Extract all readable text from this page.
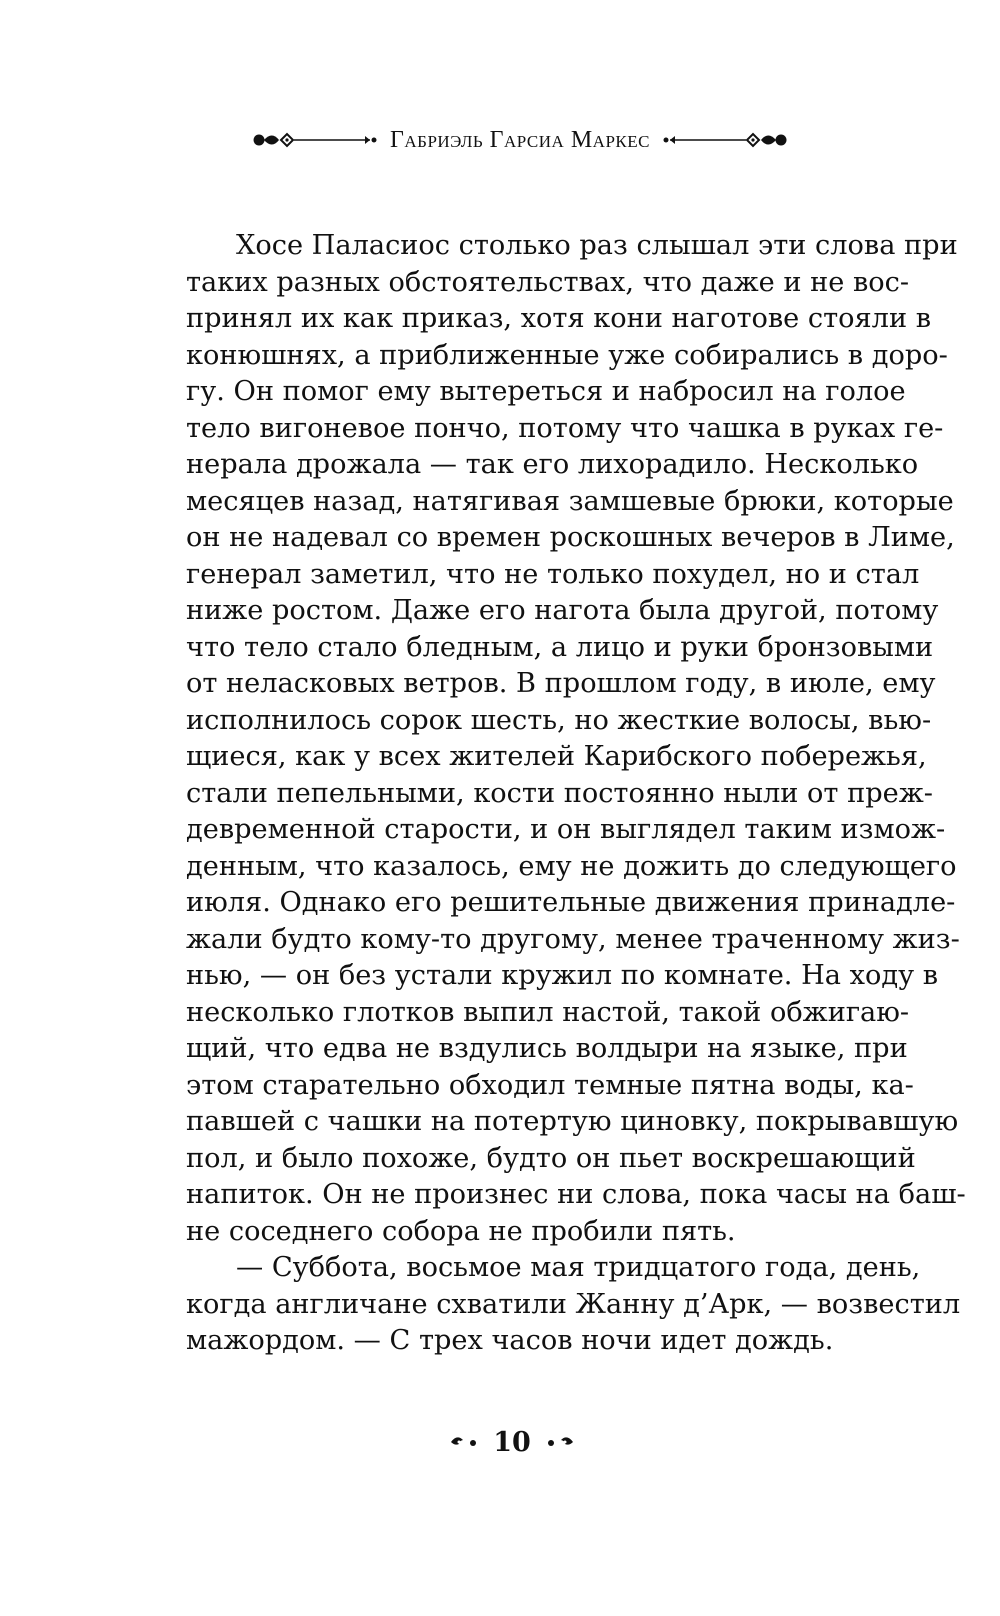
Габриэль Гарсиа Маркес

Хосе Паласиос столько раз слышал эти слова при
таких разных обстоятельствах, что даже и не вос-
принял их как приказ, хотя кони наготове стояли в
конюшнях, а приближенные уже собирались в доро-
гу. Он помог ему вытереться и набросил на голое
тело вигоневое пончо, потому что чашка в руках ге-
нерала дрожала — так его лихорадило. Несколько
месяцев назад, натягивая замшевые брюки, которые
он не надевал со времен роскошных вечеров в Лиме,
генерал заметил, что не только похудел, но и стал
ниже ростом. Даже его нагота была другой, потому
что тело стало бледным, а лицо и руки бронзовыми
от неласковых ветров. В прошлом году, в июле, ему
исполнилось сорок шесть, но жесткие волосы, вью-
щиеся, как у всех жителей Карибского побережья,
стали пепельными, кости постоянно ныли от преж-
девременной старости, и он выглядел таким измож-
денным, что казалось, ему не дожить до следующего
июля. Однако его решительные движения принадле-
жали будто кому-то другому, менее траченному жиз-
нью, — он без устали кружил по комнате. На ходу в
несколько глотков выпил настой, такой обжигаю-
щий, что едва не вздулись волдыри на языке, при
этом старательно обходил темные пятна воды, ка-
павшей с чашки на потертую циновку, покрывавшую
пол, и было похоже, будто он пьет воскрешающий
напиток. Он не произнес ни слова, пока часы на баш-
не соседнего собора не пробили пять.

— Суббота, восьмое мая тридцатого года, день,
когда англичане схватили Жанну д’Арк, — возвестил
мажордом. — С трех часов ночи идет дождь.

10
